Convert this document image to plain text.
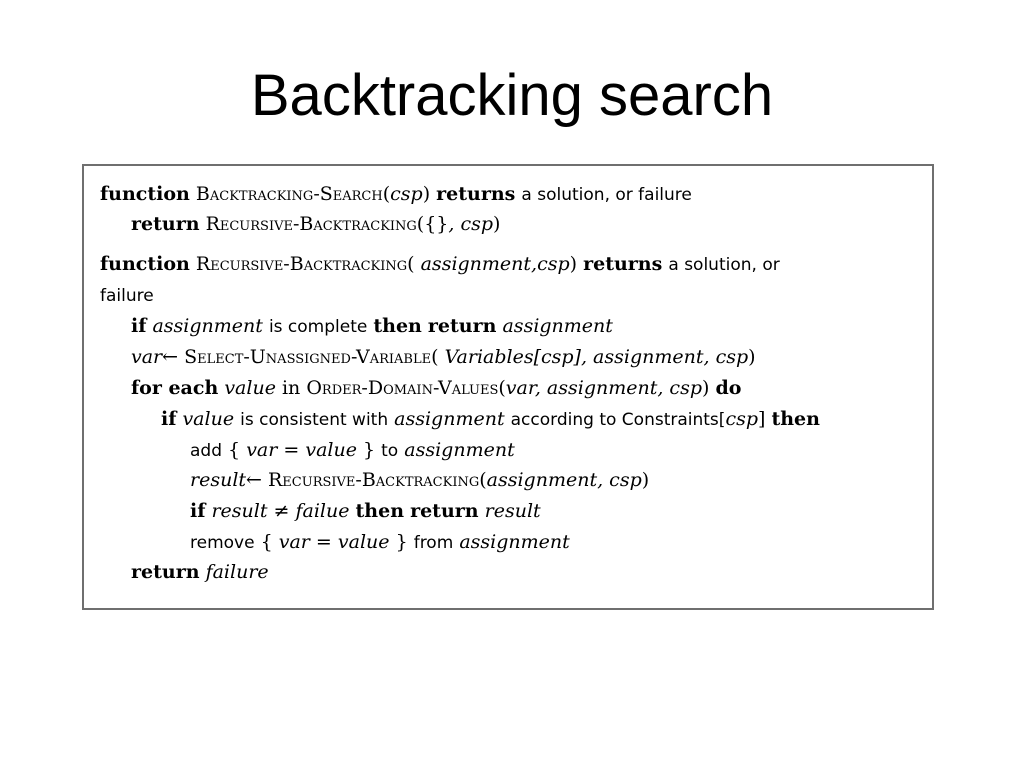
Backtracking search
function Backtracking-Search(csp) returns a solution, or failure
return Recursive-Backtracking({}, csp)
function Recursive-Backtracking( assignment,csp) returns a solution, or
failure
if assignment is complete then return assignment
var← Select-Unassigned-Variable( Variables[csp], assignment, csp)
for each value in Order-Domain-Values(var, assignment, csp) do
if value is consistent with assignment according to Constraints[csp] then
add { var = value } to assignment
result← Recursive-Backtracking(assignment, csp)
if result ≠ failue then return result
remove { var = value } from assignment
return failure
